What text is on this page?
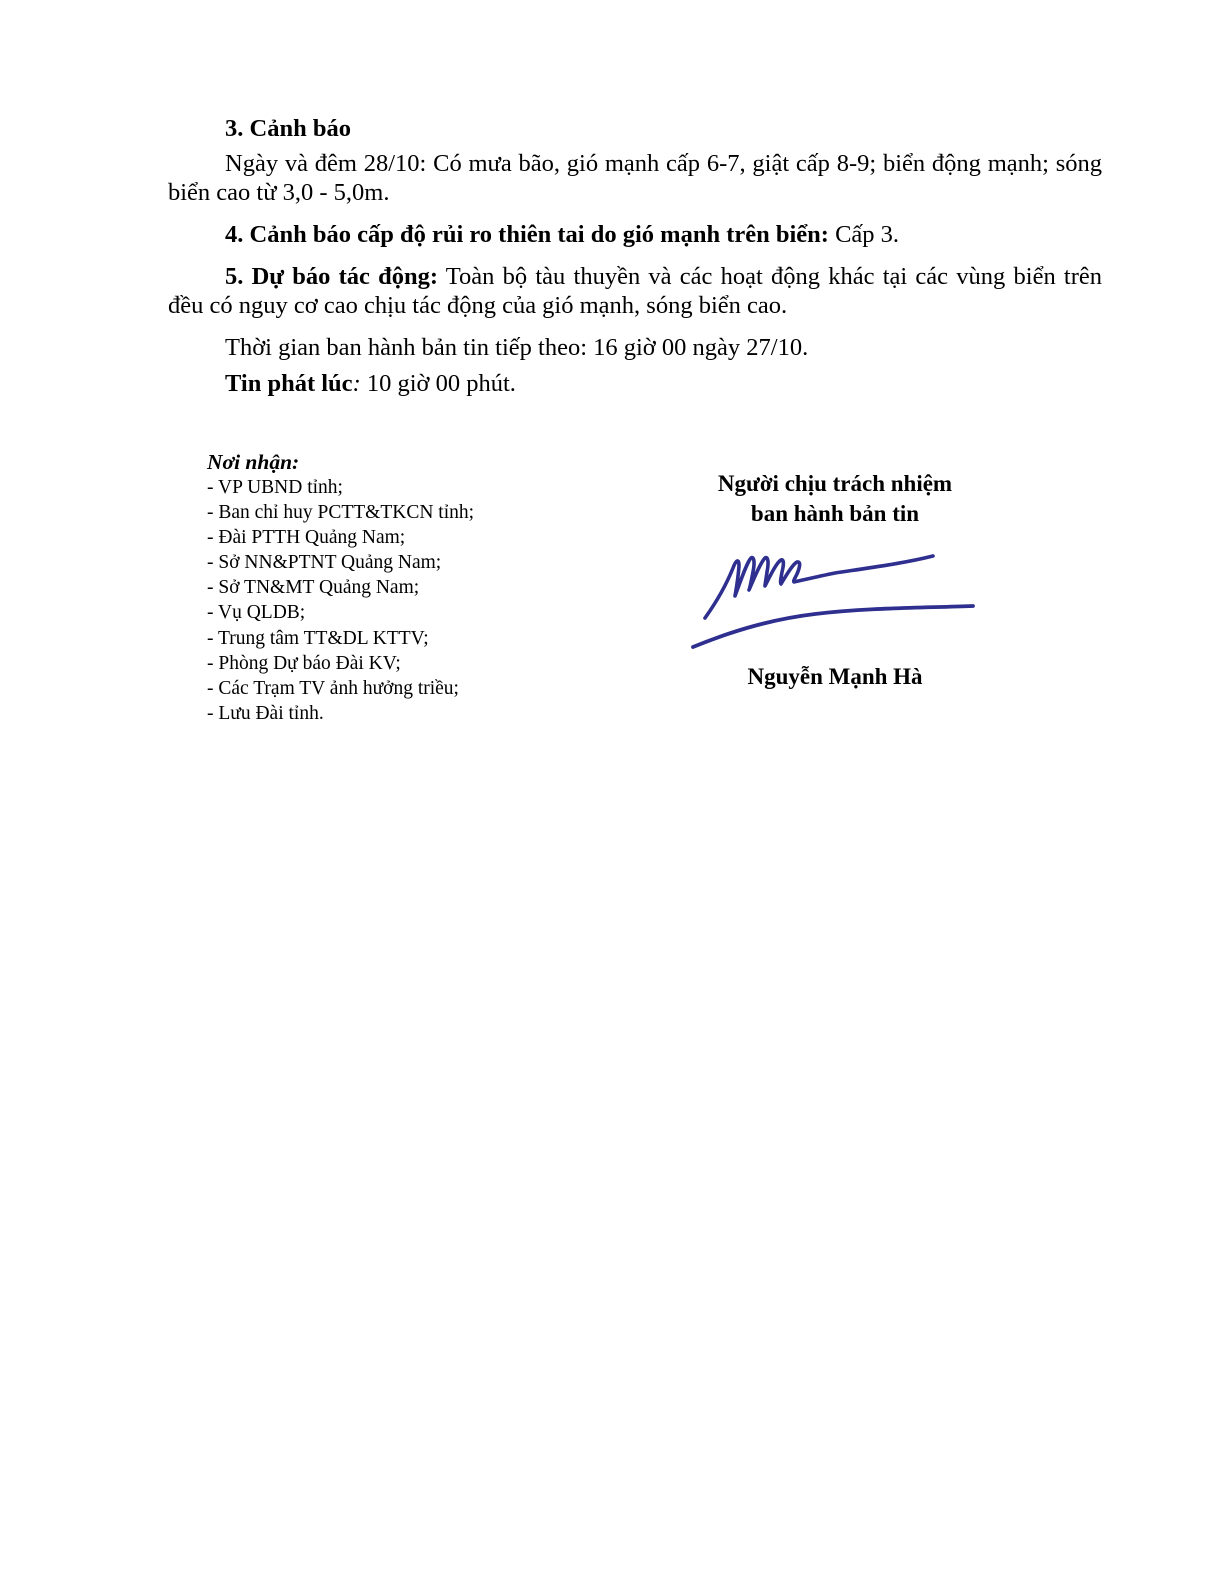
3. Cảnh báo
Ngày và đêm 28/10: Có mưa bão, gió mạnh cấp 6-7, giật cấp 8-9; biển động mạnh; sóng biển cao từ 3,0 - 5,0m.
4. Cảnh báo cấp độ rủi ro thiên tai do gió mạnh trên biển: Cấp 3.
5. Dự báo tác động: Toàn bộ tàu thuyền và các hoạt động khác tại các vùng biển trên đều có nguy cơ cao chịu tác động của gió mạnh, sóng biển cao.
Thời gian ban hành bản tin tiếp theo: 16 giờ 00 ngày 27/10.
Tin phát lúc: 10 giờ 00 phút.
Nơi nhận:
- VP UBND tỉnh;
- Ban chỉ huy PCTT&TKCN tỉnh;
- Đài PTTH Quảng Nam;
- Sở NN&PTNT Quảng Nam;
- Sở TN&MT Quảng Nam;
- Vụ QLDB;
- Trung tâm TT&DL KTTV;
- Phòng Dự báo Đài KV;
- Các Trạm TV ảnh hưởng triều;
- Lưu Đài tỉnh.
Người chịu trách nhiệm
ban hành bản tin
Nguyễn Mạnh Hà
